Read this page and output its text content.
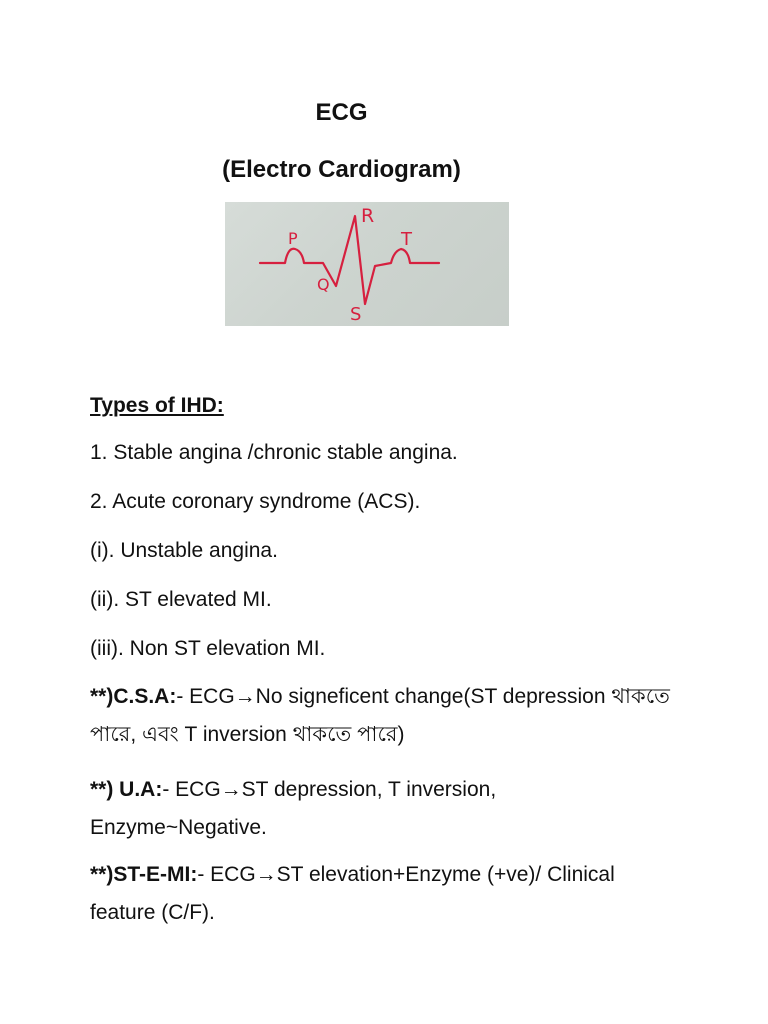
ECG
(Electro Cardiogram)
P
R
T
Q
S
Types of IHD:
1. Stable angina /chronic stable angina.
2. Acute coronary syndrome (ACS).
(i). Unstable angina.
(ii). ST elevated MI.
(iii). Non ST elevation MI.
**)C.S.A:- ECG→No signeficent change(ST depression থাকতে পারে, এবং T inversion থাকতে পারে)
**) U.A:- ECG→ST depression, T inversion, Enzyme~Negative.
**)ST-E-MI:- ECG→ST elevation+Enzyme (+ve)/ Clinical feature (C/F).
